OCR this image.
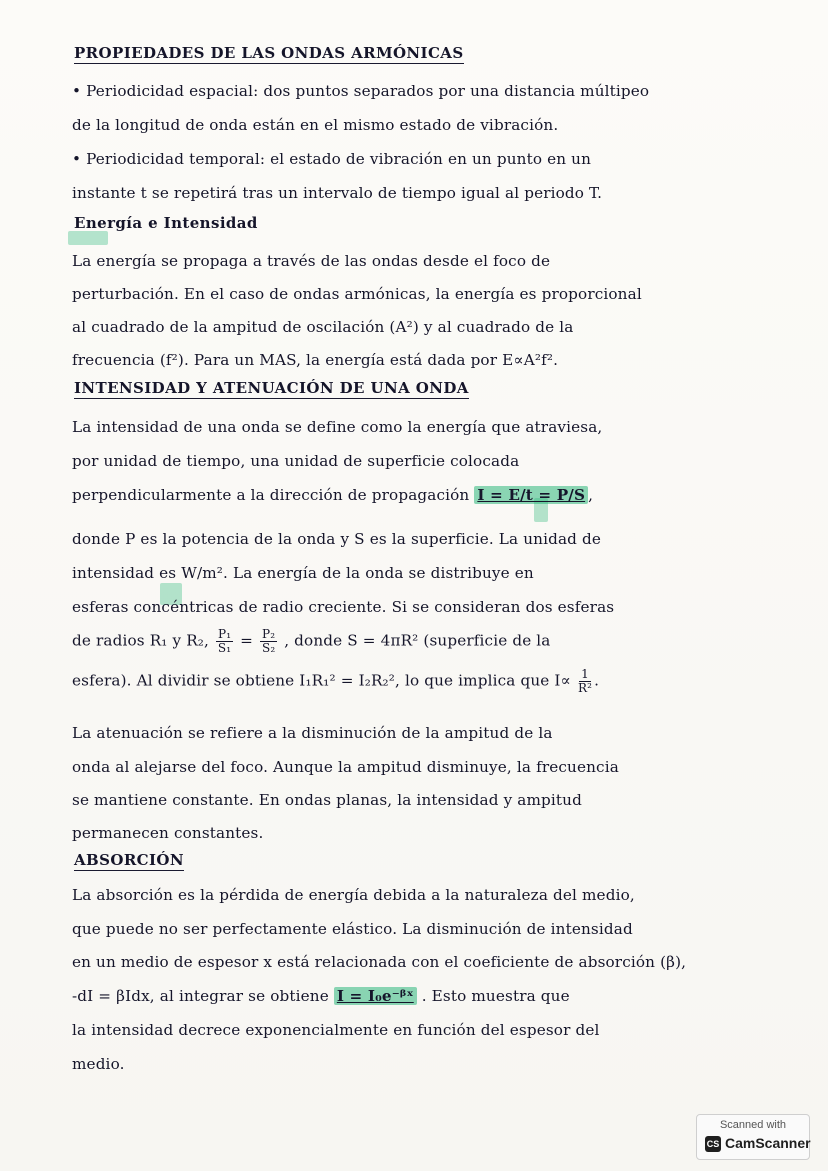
PROPIEDADES DE LAS ONDAS ARMÓNICAS
• Periodicidad espacial: dos puntos separados por una distancia múltipeo
de la longitud de onda están en el mismo estado de vibración.
• Periodicidad temporal: el estado de vibración en un punto en un
instante t se repetirá tras un intervalo de tiempo igual al periodo T.
Energía e Intensidad
La energía se propaga a través de las ondas desde el foco de
perturbación. En el caso de ondas armónicas, la energía es proporcional
al cuadrado de la ampitud de oscilación (A²) y al cuadrado de la
frecuencia (f²). Para un MAS, la energía está dada por E∝A²f².
INTENSIDAD Y ATENUACIÓN DE UNA ONDA
La intensidad de una onda se define como la energía que atraviesa,
por unidad de tiempo, una unidad de superficie colocada
perpendicularmente a la dirección de propagación I = E/t = P/S ,
donde P es la potencia de la onda y S es la superficie. La unidad de
intensidad es W/m². La energía de la onda se distribuye en
esferas concéntricas de radio creciente. Si se consideran dos esferas
de radios R₁ y R₂, $\frac{\text{P₁}}{\text{S₁}} = \frac{\text{P₂}}{\text{S₂}}$ , donde S = 4πR² (superficie de la
esfera). Al dividir se obtiene I₁R₁² = I₂R₂², lo que implica que $I\propto \frac{1}{\text{R²}}$ .
La atenuación se refiere a la disminución de la ampitud de la
onda al alejarse del foco. Aunque la ampitud disminuye, la frecuencia
se mantiene constante. En ondas planas, la intensidad y ampitud
permanecen constantes.
ABSORCIÓN
La absorción es la pérdida de energía debida a la naturaleza del medio,
que puede no ser perfectamente elástico. La disminución de intensidad
en un medio de espesor x está relacionada con el coeficiente de absorción (β),
-dI = βIdx, al integrar se obtiene I = I₀e⁻ᵝˣ . Esto muestra que
la intensidad decrece exponencialmente en función del espesor del
medio.
Scanned with
CS CamScanner
